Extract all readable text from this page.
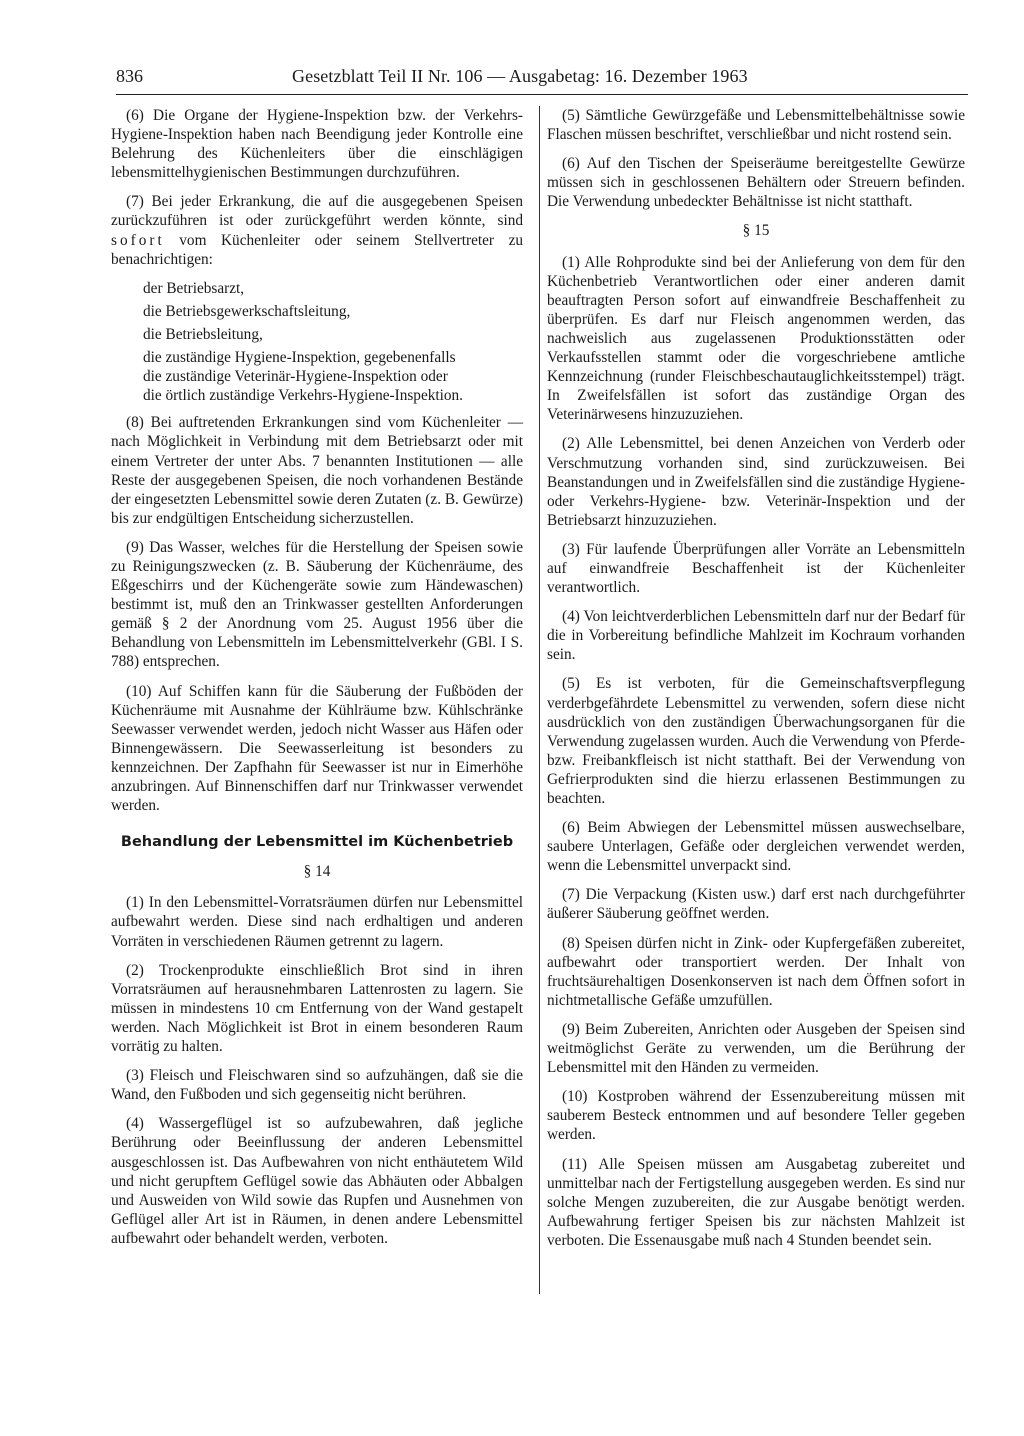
836	Gesetzblatt Teil II Nr. 106 — Ausgabetag: 16. Dezember 1963

(6) Die Organe der Hygiene-Inspektion bzw. der Verkehrs-Hygiene-Inspektion haben nach Beendigung jeder Kontrolle eine Belehrung des Küchenleiters über die einschlägigen lebensmittelhygienischen Bestimmungen durchzuführen.

(7) Bei jeder Erkrankung, die auf die ausgegebenen Speisen zurückzuführen ist oder zurückgeführt werden könnte, sind sofort vom Küchenleiter oder seinem Stellvertreter zu benachrichtigen:

der Betriebsarzt,
die Betriebsgewerkschaftsleitung,
die Betriebsleitung,
die zuständige Hygiene-Inspektion, gegebenenfalls
die zuständige Veterinär-Hygiene-Inspektion oder
die örtlich zuständige Verkehrs-Hygiene-Inspektion.

(8) Bei auftretenden Erkrankungen sind vom Küchenleiter — nach Möglichkeit in Verbindung mit dem Betriebsarzt oder mit einem Vertreter der unter Abs. 7 benannten Institutionen — alle Reste der ausgegebenen Speisen, die noch vorhandenen Bestände der eingesetzten Lebensmittel sowie deren Zutaten (z. B. Gewürze) bis zur endgültigen Entscheidung sicherzustellen.

(9) Das Wasser, welches für die Herstellung der Speisen sowie zu Reinigungszwecken (z. B. Säuberung der Küchenräume, des Eßgeschirrs und der Küchengeräte sowie zum Händewaschen) bestimmt ist, muß den an Trinkwasser gestellten Anforderungen gemäß § 2 der Anordnung vom 25. August 1956 über die Behandlung von Lebensmitteln im Lebensmittelverkehr (GBl. I S. 788) entsprechen.

(10) Auf Schiffen kann für die Säuberung der Fußböden der Küchenräume mit Ausnahme der Kühlräume bzw. Kühlschränke Seewasser verwendet werden, jedoch nicht Wasser aus Häfen oder Binnengewässern. Die Seewasserleitung ist besonders zu kennzeichnen. Der Zapfhahn für Seewasser ist nur in Eimerhöhe anzubringen. Auf Binnenschiffen darf nur Trinkwasser verwendet werden.

Behandlung der Lebensmittel im Küchenbetrieb
§ 14

(1) In den Lebensmittel-Vorratsräumen dürfen nur Lebensmittel aufbewahrt werden. Diese sind nach erdhaltigen und anderen Vorräten in verschiedenen Räumen getrennt zu lagern.

(2) Trockenprodukte einschließlich Brot sind in ihren Vorratsräumen auf herausnehmbaren Lattenrosten zu lagern. Sie müssen in mindestens 10 cm Entfernung von der Wand gestapelt werden. Nach Möglichkeit ist Brot in einem besonderen Raum vorrätig zu halten.

(3) Fleisch und Fleischwaren sind so aufzuhängen, daß sie die Wand, den Fußboden und sich gegenseitig nicht berühren.

(4) Wassergeflügel ist so aufzubewahren, daß jegliche Berührung oder Beeinflussung der anderen Lebensmittel ausgeschlossen ist. Das Aufbewahren von nicht enthäutetem Wild und nicht gerupftem Geflügel sowie das Abhäuten oder Abbalgen und Ausweiden von Wild sowie das Rupfen und Ausnehmen von Geflügel aller Art ist in Räumen, in denen andere Lebensmittel aufbewahrt oder behandelt werden, verboten.

(5) Sämtliche Gewürzgefäße und Lebensmittelbehältnisse sowie Flaschen müssen beschriftet, verschließbar und nicht rostend sein.

(6) Auf den Tischen der Speiseräume bereitgestellte Gewürze müssen sich in geschlossenen Behältern oder Streuern befinden. Die Verwendung unbedeckter Behältnisse ist nicht statthaft.

§ 15

(1) Alle Rohprodukte sind bei der Anlieferung von dem für den Küchenbetrieb Verantwortlichen oder einer anderen damit beauftragten Person sofort auf einwandfreie Beschaffenheit zu überprüfen. Es darf nur Fleisch angenommen werden, das nachweislich aus zugelassenen Produktionsstätten oder Verkaufsstellen stammt oder die vorgeschriebene amtliche Kennzeichnung (runder Fleischbeschautauglichkeitsstempel) trägt. In Zweifelsfällen ist sofort das zuständige Organ des Veterinärwesens hinzuzuziehen.

(2) Alle Lebensmittel, bei denen Anzeichen von Verderb oder Verschmutzung vorhanden sind, sind zurückzuweisen. Bei Beanstandungen und in Zweifelsfällen sind die zuständige Hygiene- oder Verkehrs-Hygiene- bzw. Veterinär-Inspektion und der Betriebsarzt hinzuzuziehen.

(3) Für laufende Überprüfungen aller Vorräte an Lebensmitteln auf einwandfreie Beschaffenheit ist der Küchenleiter verantwortlich.

(4) Von leichtverderblichen Lebensmitteln darf nur der Bedarf für die in Vorbereitung befindliche Mahlzeit im Kochraum vorhanden sein.

(5) Es ist verboten, für die Gemeinschaftsverpflegung verderbgefährdete Lebensmittel zu verwenden, sofern diese nicht ausdrücklich von den zuständigen Überwachungsorganen für die Verwendung zugelassen wurden. Auch die Verwendung von Pferde- bzw. Freibankfleisch ist nicht statthaft. Bei der Verwendung von Gefrierprodukten sind die hierzu erlassenen Bestimmungen zu beachten.

(6) Beim Abwiegen der Lebensmittel müssen auswechselbare, saubere Unterlagen, Gefäße oder dergleichen verwendet werden, wenn die Lebensmittel unverpackt sind.

(7) Die Verpackung (Kisten usw.) darf erst nach durchgeführter äußerer Säuberung geöffnet werden.

(8) Speisen dürfen nicht in Zink- oder Kupfergefäßen zubereitet, aufbewahrt oder transportiert werden. Der Inhalt von fruchtsäurehaltigen Dosenkonserven ist nach dem Öffnen sofort in nichtmetallische Gefäße umzufüllen.

(9) Beim Zubereiten, Anrichten oder Ausgeben der Speisen sind weitmöglichst Geräte zu verwenden, um die Berührung der Lebensmittel mit den Händen zu vermeiden.

(10) Kostproben während der Essenzubereitung müssen mit sauberem Besteck entnommen und auf besondere Teller gegeben werden.

(11) Alle Speisen müssen am Ausgabetag zubereitet und unmittelbar nach der Fertigstellung ausgegeben werden. Es sind nur solche Mengen zuzubereiten, die zur Ausgabe benötigt werden. Aufbewahrung fertiger Speisen bis zur nächsten Mahlzeit ist verboten. Die Essenausgabe muß nach 4 Stunden beendet sein.
